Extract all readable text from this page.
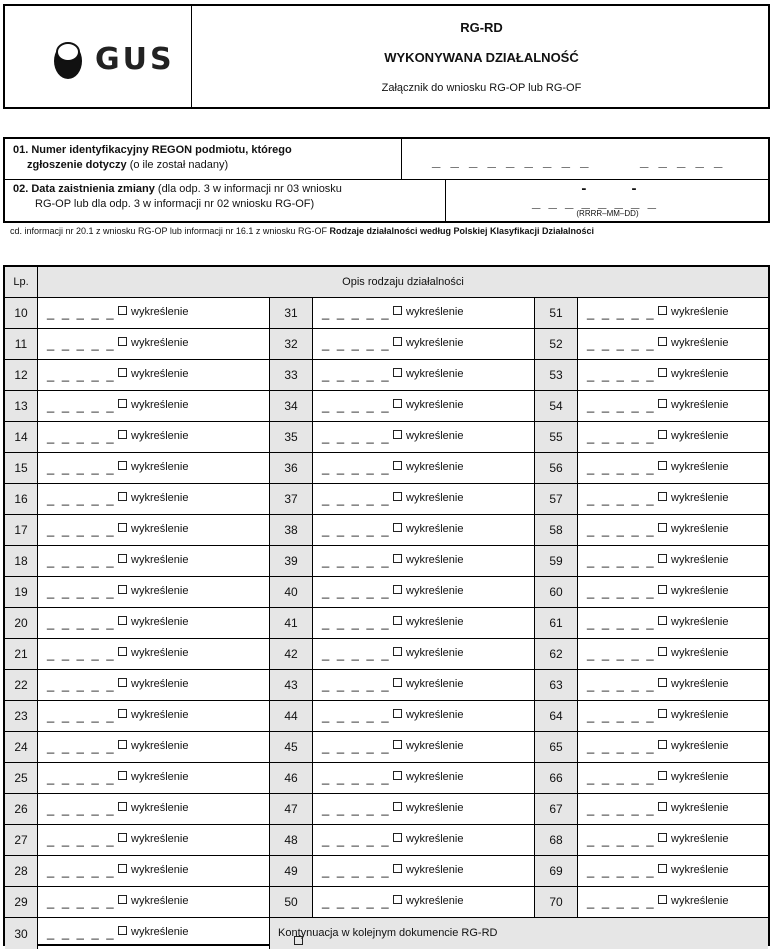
GUS
RG-RD
WYKONYWANA DZIAŁALNOŚĆ
Załącznik do wniosku RG-OP lub RG-OF
01. Numer identyfikacyjny REGON podmiotu, którego
zgłoszenie dotyczy (o ile został nadany)	_ _ _ _ _ _ _ _ _	_ _ _ _ _
02. Data zaistnienia zmiany (dla odp. 3 w informacji nr 03 wniosku
RG-OP lub dla odp. 3 w informacji nr 02 wniosku RG-OF)
-       -
_ _ _ _ _ _ _ _
(RRRR–MM–DD)
cd. informacji nr 20.1 z wniosku RG-OP lub informacji nr 16.1 z wniosku RG-OF Rodzaje działalności według Polskiej Klasyfikacji Działalności
Lp.	Opis rodzaju działalności
10	_ _ _ _ _	wykreślenie	31	_ _ _ _ _	wykreślenie	51	_ _ _ _ _	wykreślenie
11	_ _ _ _ _	wykreślenie	32	_ _ _ _ _	wykreślenie	52	_ _ _ _ _	wykreślenie
12	_ _ _ _ _	wykreślenie	33	_ _ _ _ _	wykreślenie	53	_ _ _ _ _	wykreślenie
13	_ _ _ _ _	wykreślenie	34	_ _ _ _ _	wykreślenie	54	_ _ _ _ _	wykreślenie
14	_ _ _ _ _	wykreślenie	35	_ _ _ _ _	wykreślenie	55	_ _ _ _ _	wykreślenie
15	_ _ _ _ _	wykreślenie	36	_ _ _ _ _	wykreślenie	56	_ _ _ _ _	wykreślenie
16	_ _ _ _ _	wykreślenie	37	_ _ _ _ _	wykreślenie	57	_ _ _ _ _	wykreślenie
17	_ _ _ _ _	wykreślenie	38	_ _ _ _ _	wykreślenie	58	_ _ _ _ _	wykreślenie
18	_ _ _ _ _	wykreślenie	39	_ _ _ _ _	wykreślenie	59	_ _ _ _ _	wykreślenie
19	_ _ _ _ _	wykreślenie	40	_ _ _ _ _	wykreślenie	60	_ _ _ _ _	wykreślenie
20	_ _ _ _ _	wykreślenie	41	_ _ _ _ _	wykreślenie	61	_ _ _ _ _	wykreślenie
21	_ _ _ _ _	wykreślenie	42	_ _ _ _ _	wykreślenie	62	_ _ _ _ _	wykreślenie
22	_ _ _ _ _	wykreślenie	43	_ _ _ _ _	wykreślenie	63	_ _ _ _ _	wykreślenie
23	_ _ _ _ _	wykreślenie	44	_ _ _ _ _	wykreślenie	64	_ _ _ _ _	wykreślenie
24	_ _ _ _ _	wykreślenie	45	_ _ _ _ _	wykreślenie	65	_ _ _ _ _	wykreślenie
25	_ _ _ _ _	wykreślenie	46	_ _ _ _ _	wykreślenie	66	_ _ _ _ _	wykreślenie
26	_ _ _ _ _	wykreślenie	47	_ _ _ _ _	wykreślenie	67	_ _ _ _ _	wykreślenie
27	_ _ _ _ _	wykreślenie	48	_ _ _ _ _	wykreślenie	68	_ _ _ _ _	wykreślenie
28	_ _ _ _ _	wykreślenie	49	_ _ _ _ _	wykreślenie	69	_ _ _ _ _	wykreślenie
29	_ _ _ _ _	wykreślenie	50	_ _ _ _ _	wykreślenie	70	_ _ _ _ _	wykreślenie
30	_ _ _ _ _	wykreślenie	Kontynuacja w kolejnym dokumencie RG-RD
